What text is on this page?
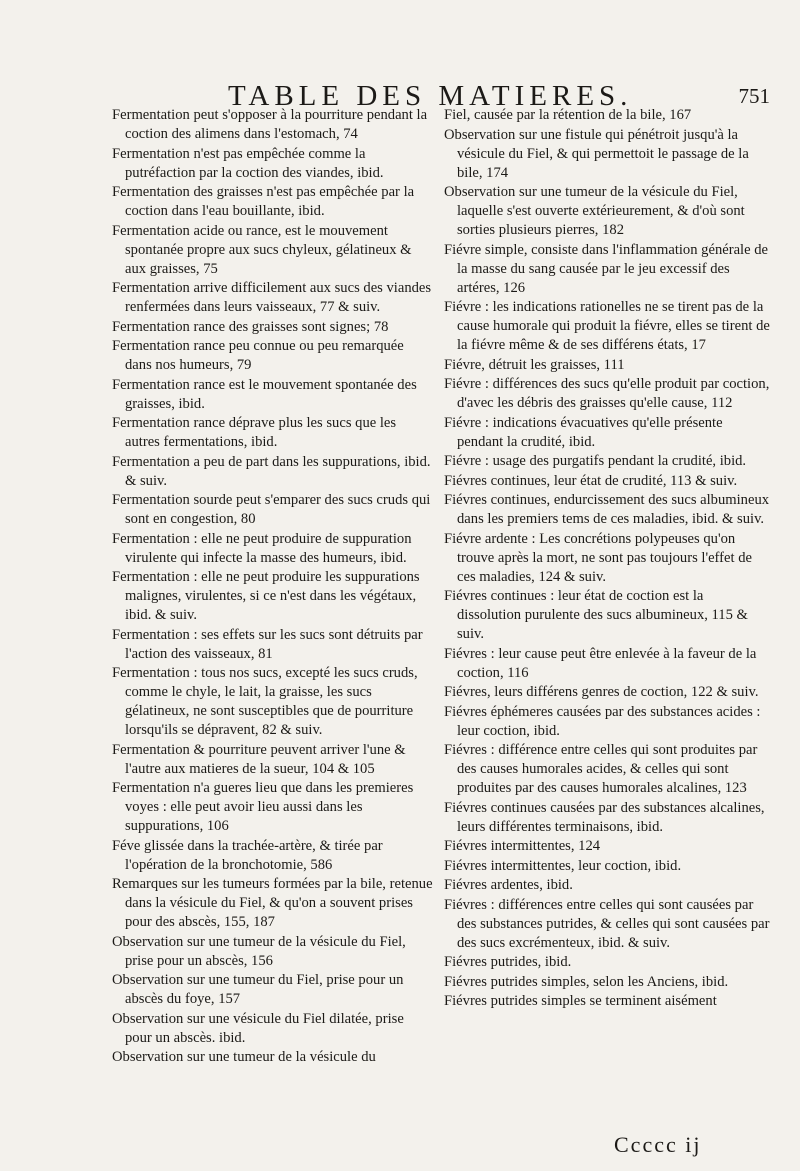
TABLE DES MATIERES.	751
Fermentation peut s'opposer à la pourriture pendant la coction des alimens dans l'estomach, 74
Fermentation n'est pas empêchée comme la putréfaction par la coction des viandes, ibid.
Fermentation des graisses n'est pas empêchée par la coction dans l'eau bouillante, ibid.
Fermentation acide ou rance, est le mouvement spontanée propre aux sucs chyleux, gélatineux & aux graisses, 75
Fermentation arrive difficilement aux sucs des viandes renfermées dans leurs vaisseaux, 77 & suiv.
Fermentation rance des graisses sont signes; 78
Fermentation rance peu connue ou peu remarquée dans nos humeurs, 79
Fermentation rance est le mouvement spontanée des graisses, ibid.
Fermentation rance déprave plus les sucs que les autres fermentations, ibid.
Fermentation a peu de part dans les suppurations, ibid. & suiv.
Fermentation sourde peut s'emparer des sucs cruds qui sont en congestion, 80
Fermentation : elle ne peut produire de suppuration virulente qui infecte la masse des humeurs, ibid.
Fermentation : elle ne peut produire les suppurations malignes, virulentes, si ce n'est dans les végétaux, ibid. & suiv.
Fermentation : ses effets sur les sucs sont détruits par l'action des vaisseaux, 81
Fermentation : tous nos sucs, excepté les sucs cruds, comme le chyle, le lait, la graisse, les sucs gélatineux, ne sont susceptibles que de pourriture lorsqu'ils se dépravent, 82 & suiv.
Fermentation & pourriture peuvent arriver l'une & l'autre aux matieres de la sueur, 104 & 105
Fermentation n'a gueres lieu que dans les premieres voyes : elle peut avoir lieu aussi dans les suppurations, 106
Féve glissée dans la trachée-artère, & tirée par l'opération de la bronchotomie, 586
Remarques sur les tumeurs formées par la bile, retenue dans la vésicule du Fiel, & qu'on a souvent prises pour des abscès, 155, 187
Observation sur une tumeur de la vésicule du Fiel, prise pour un abscès, 156
Observation sur une tumeur du Fiel, prise pour un abscès du foye, 157
Observation sur une vésicule du Fiel dilatée, prise pour un abscès. ibid.
Observation sur une tumeur de la vésicule du
Fiel, causée par la rétention de la bile, 167
Observation sur une fistule qui pénétroit jusqu'à la vésicule du Fiel, & qui permettoit le passage de la bile, 174
Observation sur une tumeur de la vésicule du Fiel, laquelle s'est ouverte extérieurement, & d'où sont sorties plusieurs pierres, 182
Fiévre simple, consiste dans l'inflammation générale de la masse du sang causée par le jeu excessif des artéres, 126
Fiévre : les indications rationelles ne se tirent pas de la cause humorale qui produit la fiévre, elles se tirent de la fiévre même & de ses différens états, 17
Fiévre, détruit les graisses, 111
Fiévre : différences des sucs qu'elle produit par coction, d'avec les débris des graisses qu'elle cause, 112
Fiévre : indications évacuatives qu'elle présente pendant la crudité, ibid.
Fiévre : usage des purgatifs pendant la crudité, ibid.
Fiévres continues, leur état de crudité, 113 & suiv.
Fiévres continues, endurcissement des sucs albumineux dans les premiers tems de ces maladies, ibid. & suiv.
Fiévre ardente : Les concrétions polypeuses qu'on trouve après la mort, ne sont pas toujours l'effet de ces maladies, 124 & suiv.
Fiévres continues : leur état de coction est la dissolution purulente des sucs albumineux, 115 & suiv.
Fiévres : leur cause peut être enlevée à la faveur de la coction, 116
Fiévres, leurs différens genres de coction, 122 & suiv.
Fiévres éphémeres causées par des substances acides : leur coction, ibid.
Fiévres : différence entre celles qui sont produites par des causes humorales acides, & celles qui sont produites par des causes humorales alcalines, 123
Fiévres continues causées par des substances alcalines, leurs différentes terminaisons, ibid.
Fiévres intermittentes, 124
Fiévres intermittentes, leur coction, ibid.
Fiévres ardentes, ibid.
Fiévres : différences entre celles qui sont causées par des substances putrides, & celles qui sont causées par des sucs excrémenteux, ibid. & suiv.
Fiévres putrides, ibid.
Fiévres putrides simples, selon les Anciens, ibid.
Fiévres putrides simples se terminent aisément
Ccccc ij
